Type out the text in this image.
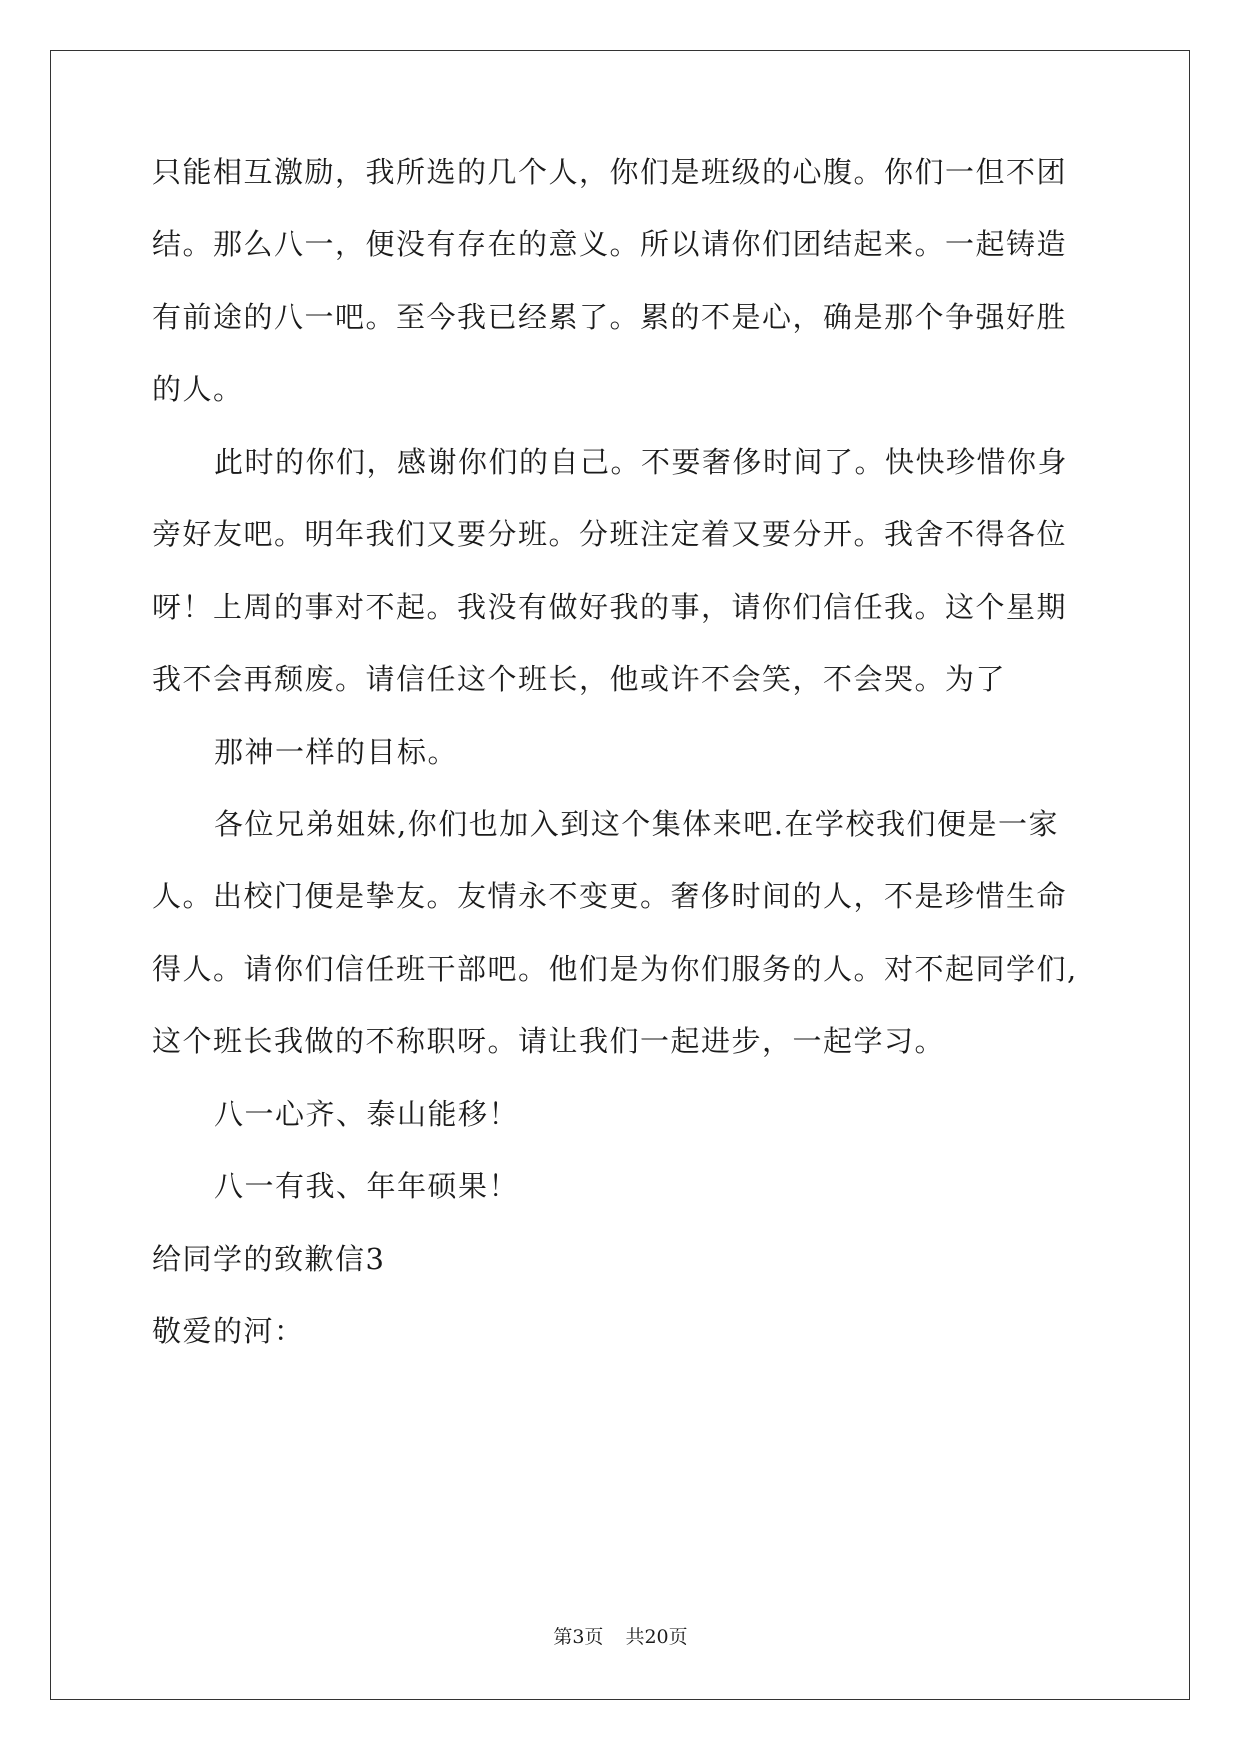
只能相互激励，我所选的几个人，你们是班级的心腹。你们一但不团
结。那么八一，便没有存在的意义。所以请你们团结起来。一起铸造
有前途的八一吧。至今我已经累了。累的不是心，确是那个争强好胜
的人。
此时的你们，感谢你们的自己。不要奢侈时间了。快快珍惜你身
旁好友吧。明年我们又要分班。分班注定着又要分开。我舍不得各位
呀！上周的事对不起。我没有做好我的事，请你们信任我。这个星期
我不会再颓废。请信任这个班长，他或许不会笑，不会哭。为了
那神一样的目标。
各位兄弟姐妹,你们也加入到这个集体来吧.在学校我们便是一家
人。出校门便是挚友。友情永不变更。奢侈时间的人，不是珍惜生命
得人。请你们信任班干部吧。他们是为你们服务的人。对不起同学们,
这个班长我做的不称职呀。请让我们一起进步，一起学习。
八一心齐、泰山能移！
八一有我、年年硕果！
给同学的致歉信3
敬爱的河：
第3页 共20页
